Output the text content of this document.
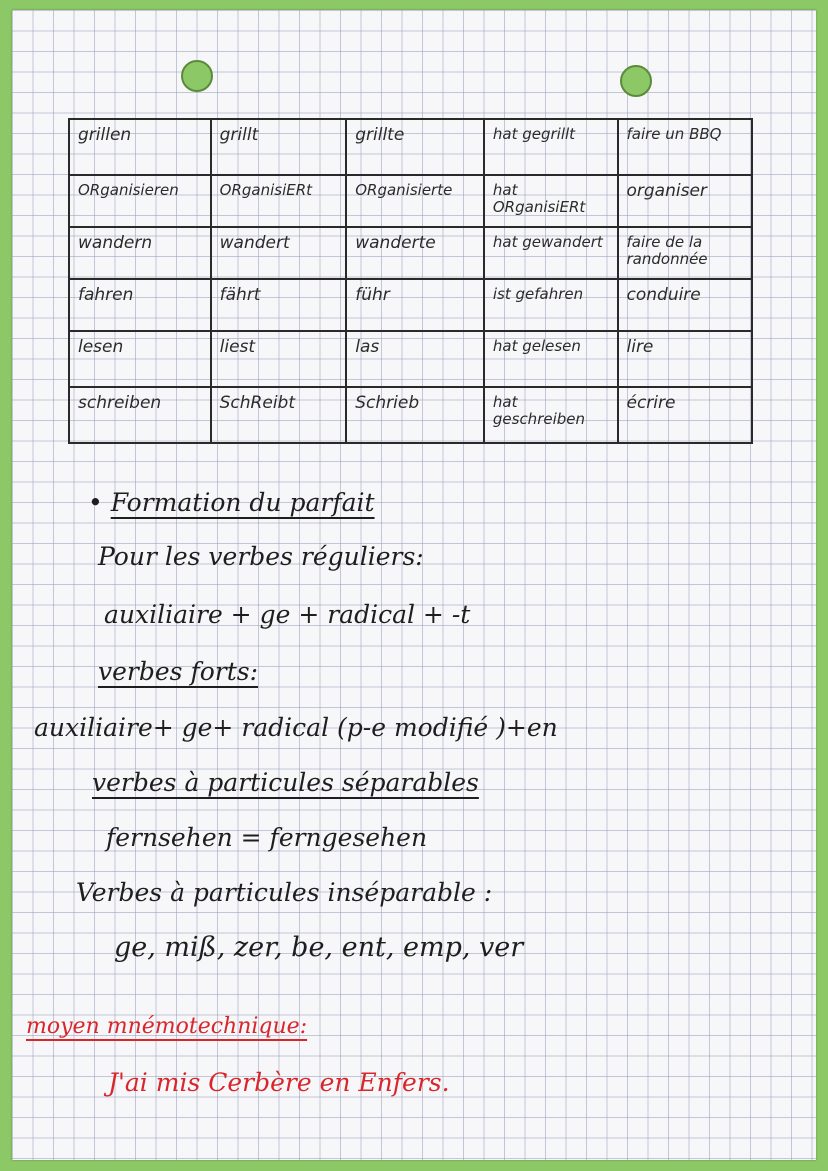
grillen	grillt	grillte	hat gegrillt	faire un BBQ
ORganisieren	ORganisiERt	ORganisierte	hat ORganisiERt	organiser
wandern	wandert	wanderte	hat gewandert	faire de la randonnée
fahren	fährt	führ	ist gefahren	conduire
lesen	liest	las	hat gelesen	lire
schreiben	SchReibt	Schrieb	hat geschreiben	écrire
• Formation du parfait
Pour les verbes réguliers:
auxiliaire + ge + radical + -t
verbes forts:
auxiliaire+ ge+ radical (p-e modifié )+en
verbes à particules séparables
fernsehen = ferngesehen
Verbes à particules inséparable :
ge, miß, zer, be, ent, emp, ver
moyen mnémotechnique:
J'ai mis Cerbère en Enfers.
